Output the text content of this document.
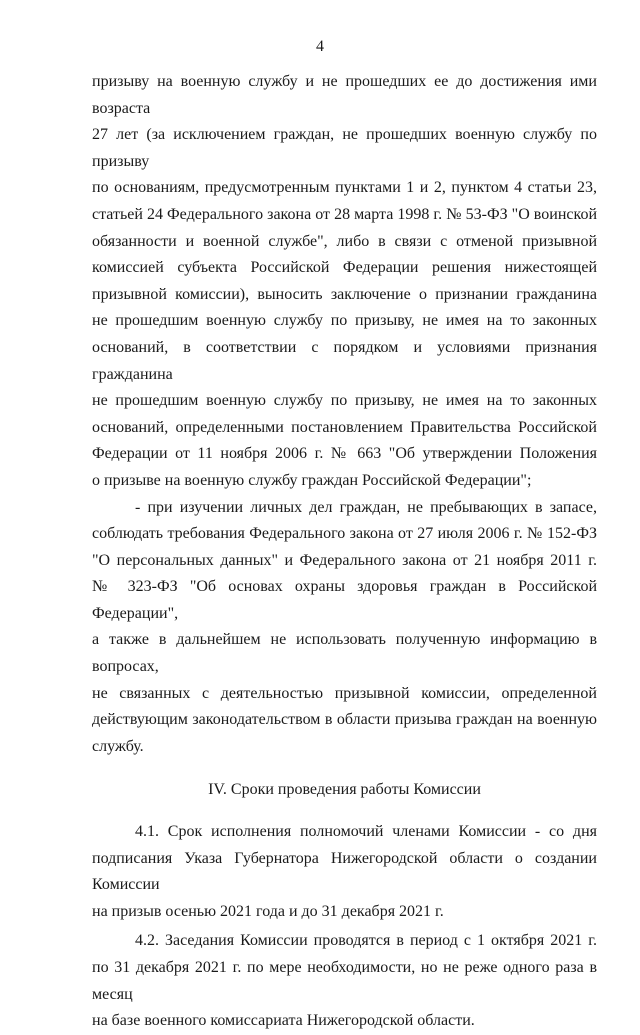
4

призыву на военную службу и не прошедших ее до достижения ими возраста

27 лет (за исключением граждан, не прошедших военную службу по призыву

по основаниям, предусмотренным пунктами 1 и 2, пунктом 4 статьи 23,

статьей 24 Федерального закона от 28 марта 1998 г. № 53-ФЗ "О воинской

обязанности и военной службе", либо в связи с отменой призывной

комиссией субъекта Российской Федерации решения нижестоящей

призывной комиссии), выносить заключение о признании гражданина

не прошедшим военную службу по призыву, не имея на то законных

оснований, в соответствии с порядком и условиями признания гражданина

не прошедшим военную службу по призыву, не имея на то законных

оснований, определенными постановлением Правительства Российской

Федерации от 11 ноября 2006 г. № 663 "Об утверждении Положения

о призыве на военную службу граждан Российской Федерации";

- при изучении личных дел граждан, не пребывающих в запасе,

соблюдать требования Федерального закона от 27 июля 2006 г. № 152-ФЗ

"О персональных данных" и Федерального закона от 21 ноября 2011 г.

№ 323-ФЗ "Об основах охраны здоровья граждан в Российской Федерации",

а также в дальнейшем не использовать полученную информацию в вопросах,

не связанных с деятельностью призывной комиссии, определенной

действующим законодательством в области призыва граждан на военную

службу.

IV. Сроки проведения работы Комиссии

4.1. Срок исполнения полномочий членами Комиссии - со дня

подписания Указа Губернатора Нижегородской области о создании Комиссии

на призыв осенью 2021 года и до 31 декабря 2021 г.

4.2. Заседания Комиссии проводятся в период с 1 октября 2021 г.

по 31 декабря 2021 г. по мере необходимости, но не реже одного раза в месяц

на базе военного комиссариата Нижегородской области.
